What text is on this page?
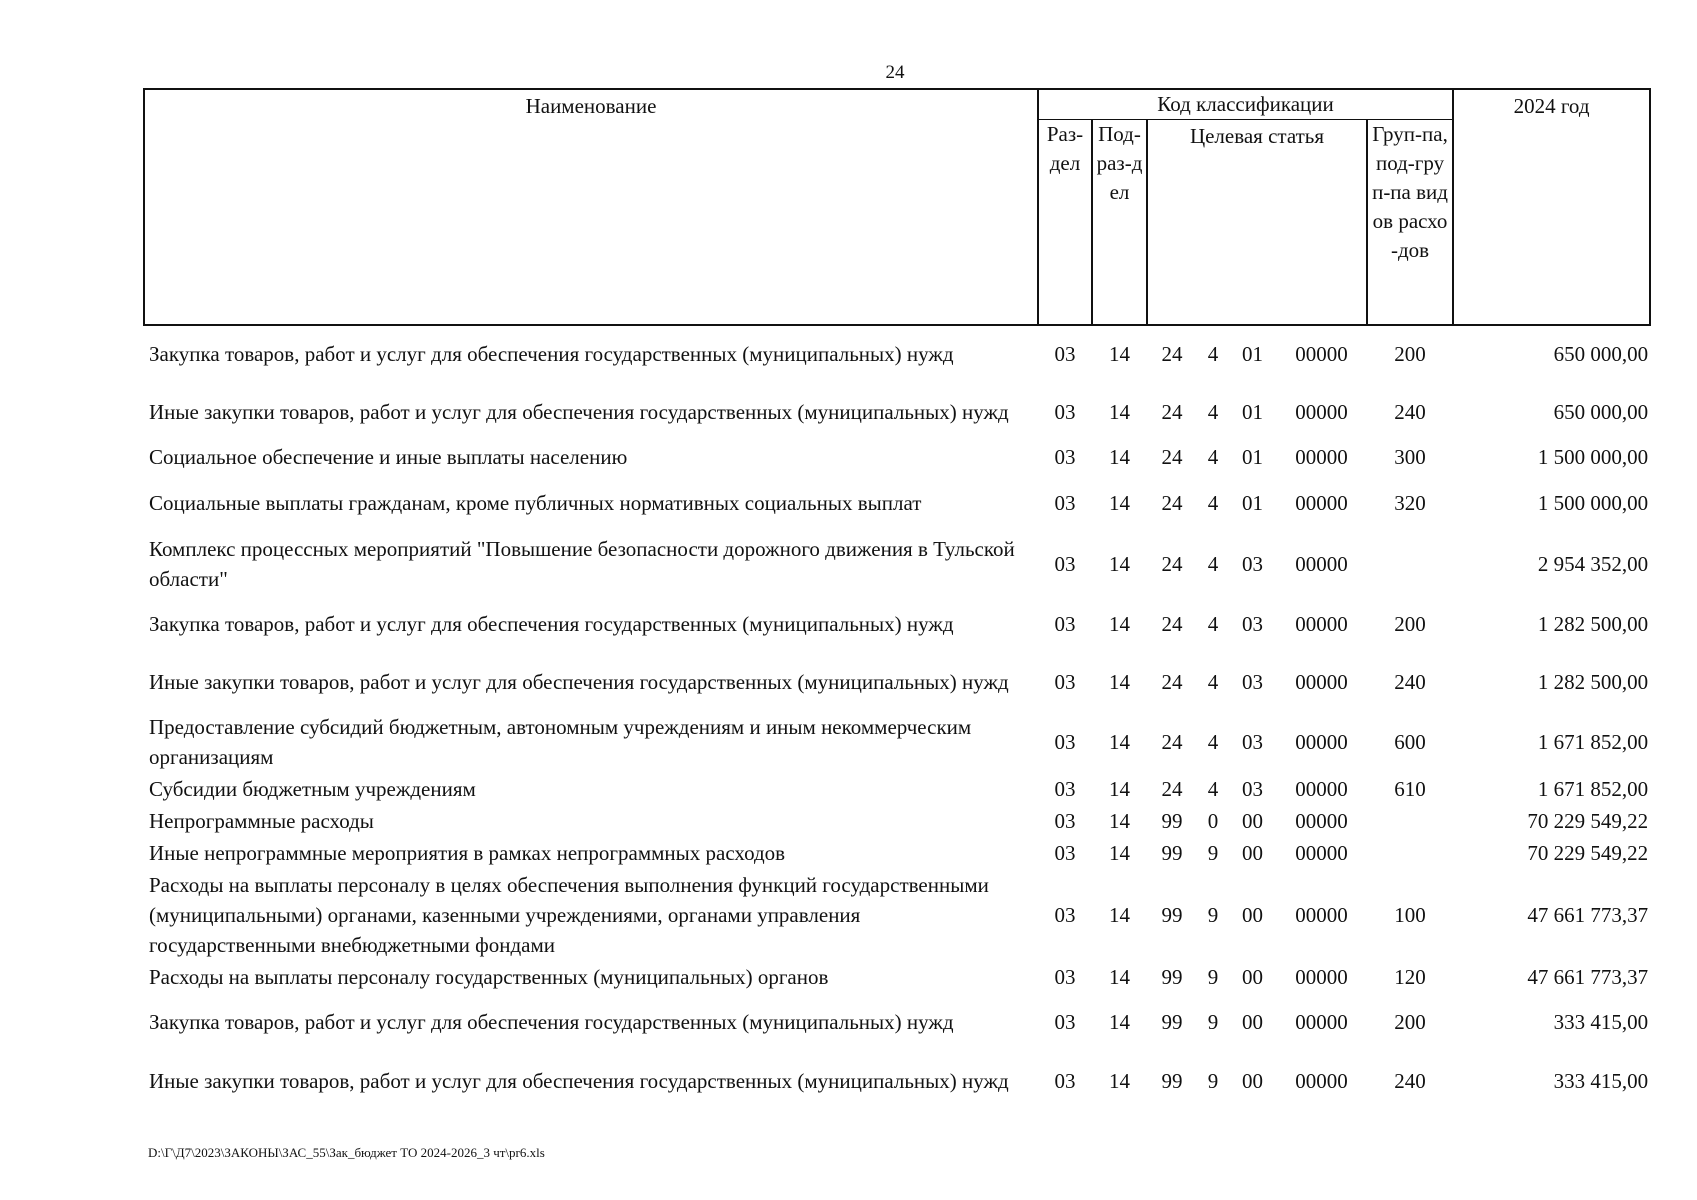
24
Наименование	Код классификации							2024 год
	Раз-дел	Под-раз-дел	Целевая статья				Груп-па, под-груп-па видов расхо-дов	
Закупка товаров, работ и услуг для обеспечения государственных (муниципальных) нужд	03	14	24	4	01	00000	200	650 000,00
Иные закупки товаров, работ и услуг для обеспечения государственных (муниципальных) нужд	03	14	24	4	01	00000	240	650 000,00
Социальное обеспечение и иные выплаты населению	03	14	24	4	01	00000	300	1 500 000,00
Социальные выплаты гражданам, кроме публичных нормативных социальных выплат	03	14	24	4	01	00000	320	1 500 000,00
Комплекс процессных мероприятий "Повышение безопасности дорожного движения в Тульской области"	03	14	24	4	03	00000		2 954 352,00
Закупка товаров, работ и услуг для обеспечения государственных (муниципальных) нужд	03	14	24	4	03	00000	200	1 282 500,00
Иные закупки товаров, работ и услуг для обеспечения государственных (муниципальных) нужд	03	14	24	4	03	00000	240	1 282 500,00
Предоставление субсидий бюджетным, автономным учреждениям и иным некоммерческим организациям	03	14	24	4	03	00000	600	1 671 852,00
Субсидии бюджетным учреждениям	03	14	24	4	03	00000	610	1 671 852,00
Непрограммные расходы	03	14	99	0	00	00000		70 229 549,22
Иные непрограммные мероприятия в рамках непрограммных расходов	03	14	99	9	00	00000		70 229 549,22
Расходы на выплаты персоналу в целях обеспечения выполнения функций государственными (муниципальными) органами, казенными учреждениями, органами управления государственными внебюджетными фондами	03	14	99	9	00	00000	100	47 661 773,37
Расходы на выплаты персоналу государственных (муниципальных) органов	03	14	99	9	00	00000	120	47 661 773,37
Закупка товаров, работ и услуг для обеспечения государственных (муниципальных) нужд	03	14	99	9	00	00000	200	333 415,00
Иные закупки товаров, работ и услуг для обеспечения государственных (муниципальных) нужд	03	14	99	9	00	00000	240	333 415,00
D:\Г\Д7\2023\ЗАКОНЫ\ЗАС_55\Зак_бюджет ТО 2024-2026_3 чт\pr6.xls
